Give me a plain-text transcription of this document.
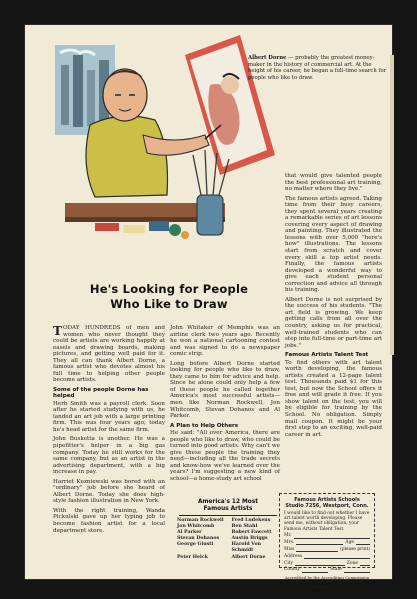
Albert Dorne — probably the greatest money-maker in the history of commercial art. At the height of his career, he began a full-time search for people who like to draw.
He's Looking for People
Who Like to Draw

TODAY HUNDREDS of men and women who never thought they could be artists are working happily at easels and drawing boards, making pictures, and getting well paid for it. They all can thank Albert Dorne, a famous artist who devotes almost his full time to helping other people become artists.

Some of the people Dorne has helped

Herb Smith was a payroll clerk. Soon after he started studying with us, he landed an art job with a large printing firm. This was four years ago; today he's head artist for the same firm.

John Busketta is another. He was a pipefitter's helper in a big gas company. Today he still works for the same company, but as an artist in the advertising department, with a big increase in pay.

Harriet Kuzniewski was bored with an "ordinary" job before she heard of Albert Dorne. Today she does high-style fashion illustration in New York.

With the right training, Wanda Pickulski gave up her typing job to become fashion artist for a local department store.

John Whitaker of Memphis was an airline clerk two years ago. Recently he won a national cartooning contest and was signed to do a newspaper comic strip.

Long before Albert Dorne started looking for people who like to draw, they came to him for advice and help. Since he alone could only help a few of these people he called together America's most successful artists—men like Norman Rockwell, Jon Whitcomb, Stevan Dohanos and Al Parker.

A Plan to Help Others

He said: "All over America, there are people who like to draw, who could be turned into good artists. Why can't we give these people the training they need—including all the trade secrets and know-how we've learned over the years? I'm suggesting a new kind of school—a home-study art school

that would give talented people the best professional art training, no matter where they live."

The famous artists agreed. Taking time from their busy careers, they spent several years creating a remarkable series of art lessons covering every aspect of drawing and painting. They illustrated the lessons with over 5,000 "here's how" illustrations. The lessons start from scratch and cover every skill a top artist needs. Finally, the famous artists developed a wonderful way to give each student personal correction and advice all through his training.

Albert Dorne is not surprised by the success of his students. "The art field is growing. We keep getting calls from all over the country, asking us for practical, well-trained students who can step into full-time or part-time art jobs."

Famous Artists Talent Test

To find others with art talent worth developing, the famous artists created a 12-page talent test. Thousands paid $1 for this test, but now the School offers it free and will grade it free. If you show talent on the test, you will be eligible for training by the School. No obligation. Simply mail coupon. It might be your first step to an exciting, well-paid career in art.

America's 12 Most
Famous Artists
Norman Rockwell	Fred Ludekens
Jon Whitcomb	Ben Stahl
Al Parker	Robert Fawcett
Stevan Dohanos	Austin Briggs
George Giusti	Harold Von Schmidt
Peter Helck	Albert Dorne
Famous Artists Schools
Studio 7256, Westport, Conn.
I would like to find out whether I have art talent worth developing. Please send me, without obligation, your Famous Artists Talent Test.
Mr.
Mrs.	Age
Miss	(please print)
Address
City	Zone
County	State
Accredited by the Accrediting Commission of the National Home Study Council, Washington, D.C.
